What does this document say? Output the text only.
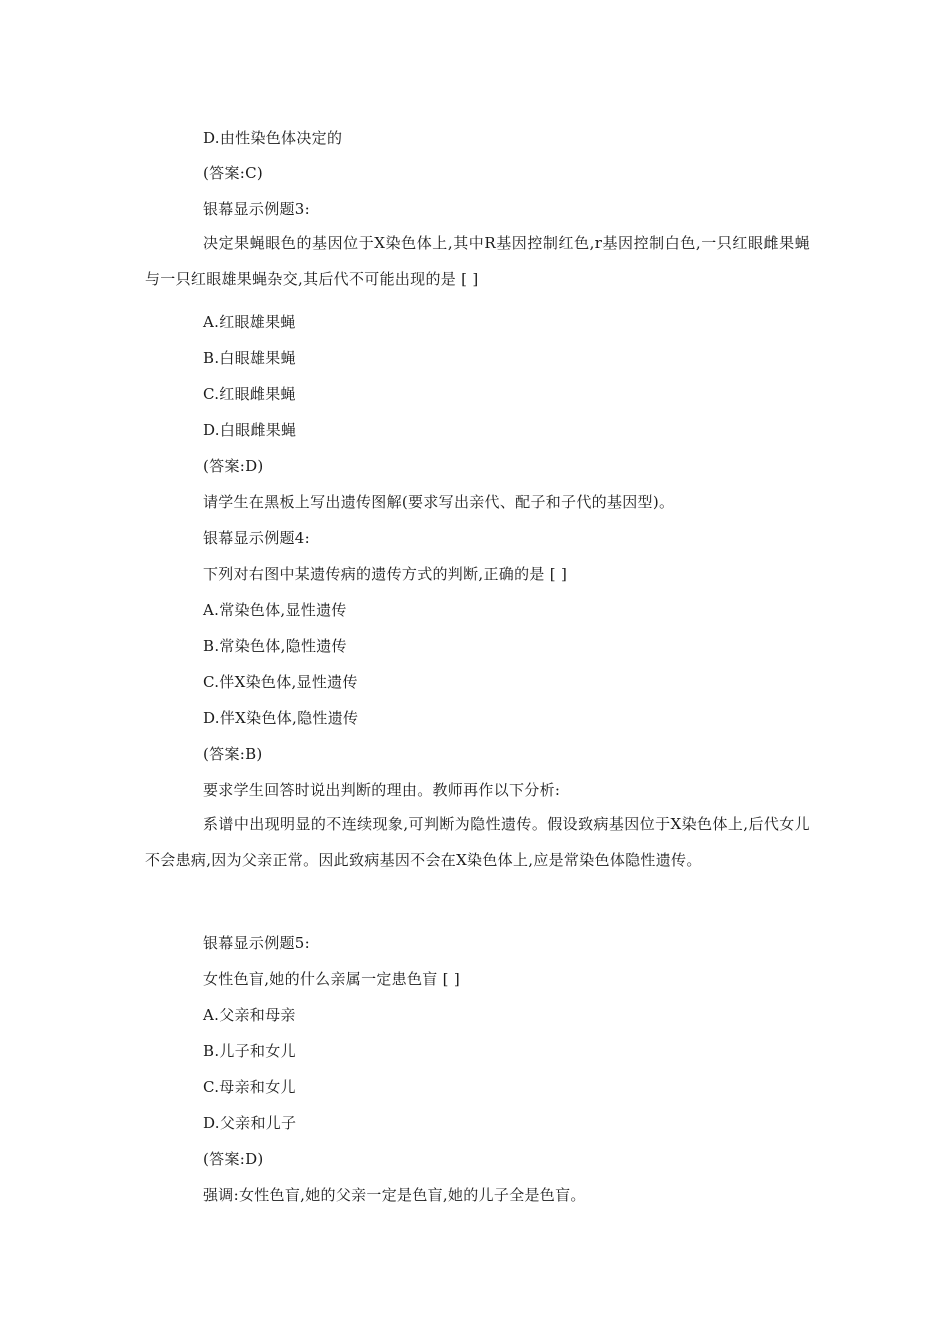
D.由性染色体决定的
(答案:C)
银幕显示例题3:
决定果蝇眼色的基因位于X染色体上,其中R基因控制红色,r基因控制白色,一只红眼雌果蝇与一只红眼雄果蝇杂交,其后代不可能出现的是 [ ]
A.红眼雄果蝇
B.白眼雄果蝇
C.红眼雌果蝇
D.白眼雌果蝇
(答案:D)
请学生在黑板上写出遗传图解(要求写出亲代、配子和子代的基因型)。
银幕显示例题4:
下列对右图中某遗传病的遗传方式的判断,正确的是 [ ]
A.常染色体,显性遗传
B.常染色体,隐性遗传
C.伴X染色体,显性遗传
D.伴X染色体,隐性遗传
(答案:B)
要求学生回答时说出判断的理由。教师再作以下分析:
系谱中出现明显的不连续现象,可判断为隐性遗传。假设致病基因位于X染色体上,后代女儿不会患病,因为父亲正常。因此致病基因不会在X染色体上,应是常染色体隐性遗传。
银幕显示例题5:
女性色盲,她的什么亲属一定患色盲 [ ]
A.父亲和母亲
B.儿子和女儿
C.母亲和女儿
D.父亲和儿子
(答案:D)
强调:女性色盲,她的父亲一定是色盲,她的儿子全是色盲。
